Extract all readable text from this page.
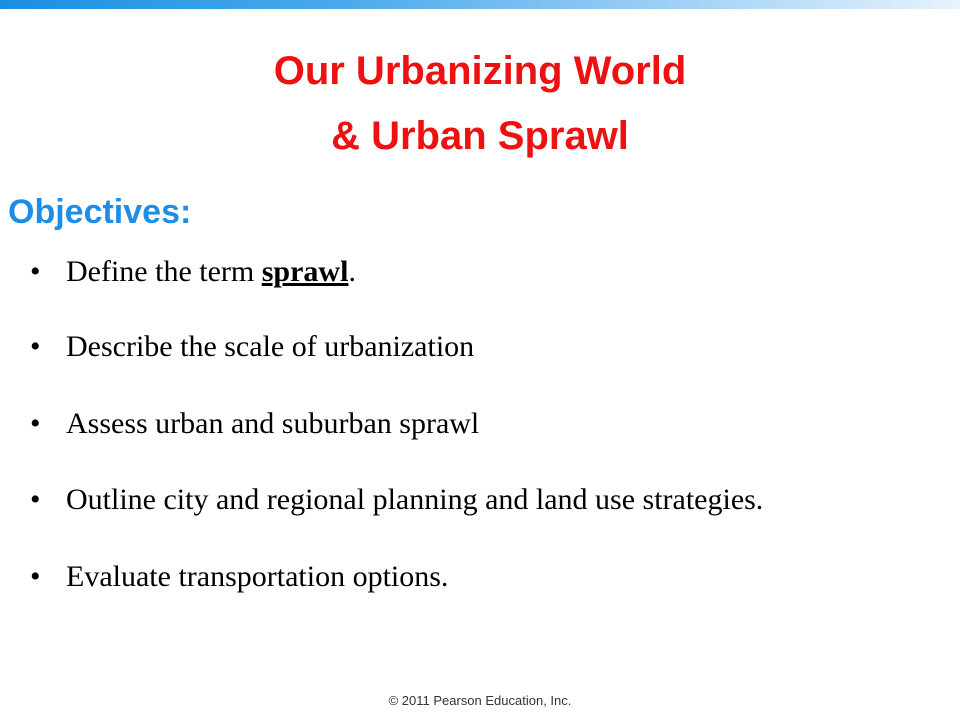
Our Urbanizing World
& Urban Sprawl
Objectives:
• Define the term sprawl.
• Describe the scale of urbanization
• Assess urban and suburban sprawl
• Outline city and regional planning and land use strategies.
• Evaluate transportation options.
© 2011 Pearson Education, Inc.
